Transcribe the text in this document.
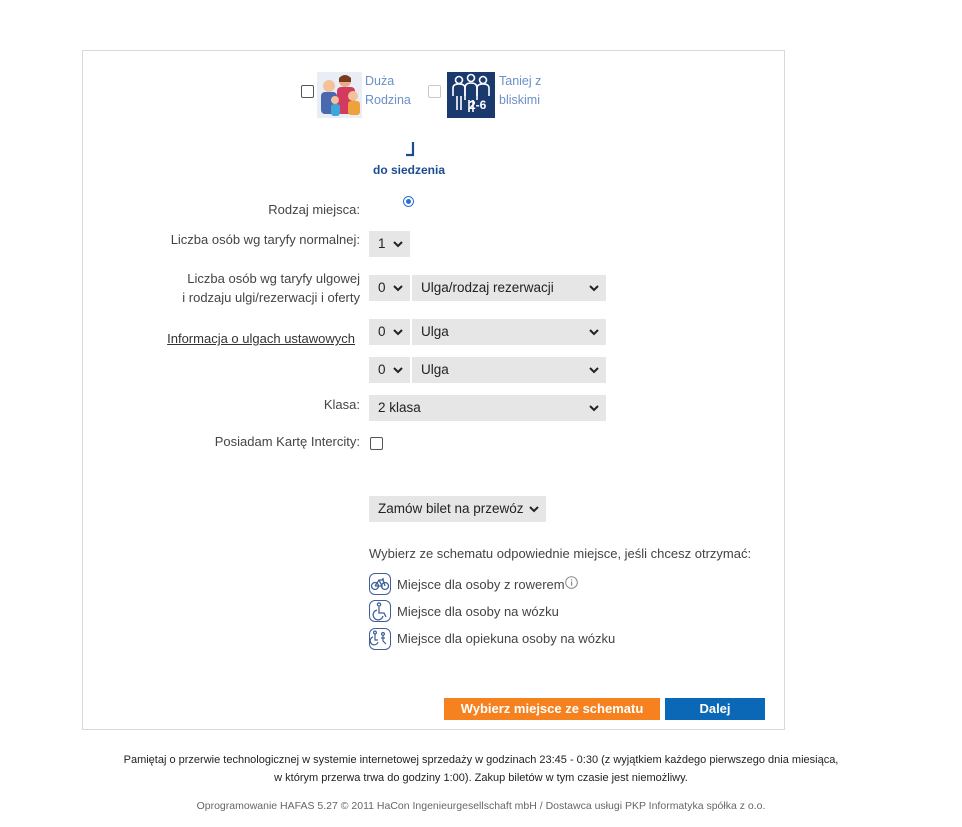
Duża
Rodzina	2-6
Taniej z
bliskimi
do siedzenia
Rodzaj miejsca:
Liczba osób wg taryfy normalnej:	1
Liczba osób wg taryfy ulgowej
i rodzaju ulgi/rezerwacji i oferty
0	Ulga/rodzaj rezerwacji
Informacja o ulgach ustawowych	0	Ulga
0	Ulga
Klasa:	2 klasa
Posiadam Kartę Intercity:
Zamów bilet na przewóz
Wybierz ze schematu odpowiednie miejsce, jeśli chcesz otrzymać:
Miejsce dla osoby z rowerem
Miejsce dla osoby na wózku
Miejsce dla opiekuna osoby na wózku
Wybierz miejsce ze schematu	Dalej
Pamiętaj o przerwie technologicznej w systemie internetowej sprzedaży w godzinach 23:45 - 0:30 (z wyjątkiem każdego pierwszego dnia miesiąca,
w którym przerwa trwa do godziny 1:00). Zakup biletów w tym czasie jest niemożliwy.
Oprogramowanie HAFAS 5.27 © 2011 HaCon Ingenieurgesellschaft mbH / Dostawca usługi PKP Informatyka spółka z o.o.
